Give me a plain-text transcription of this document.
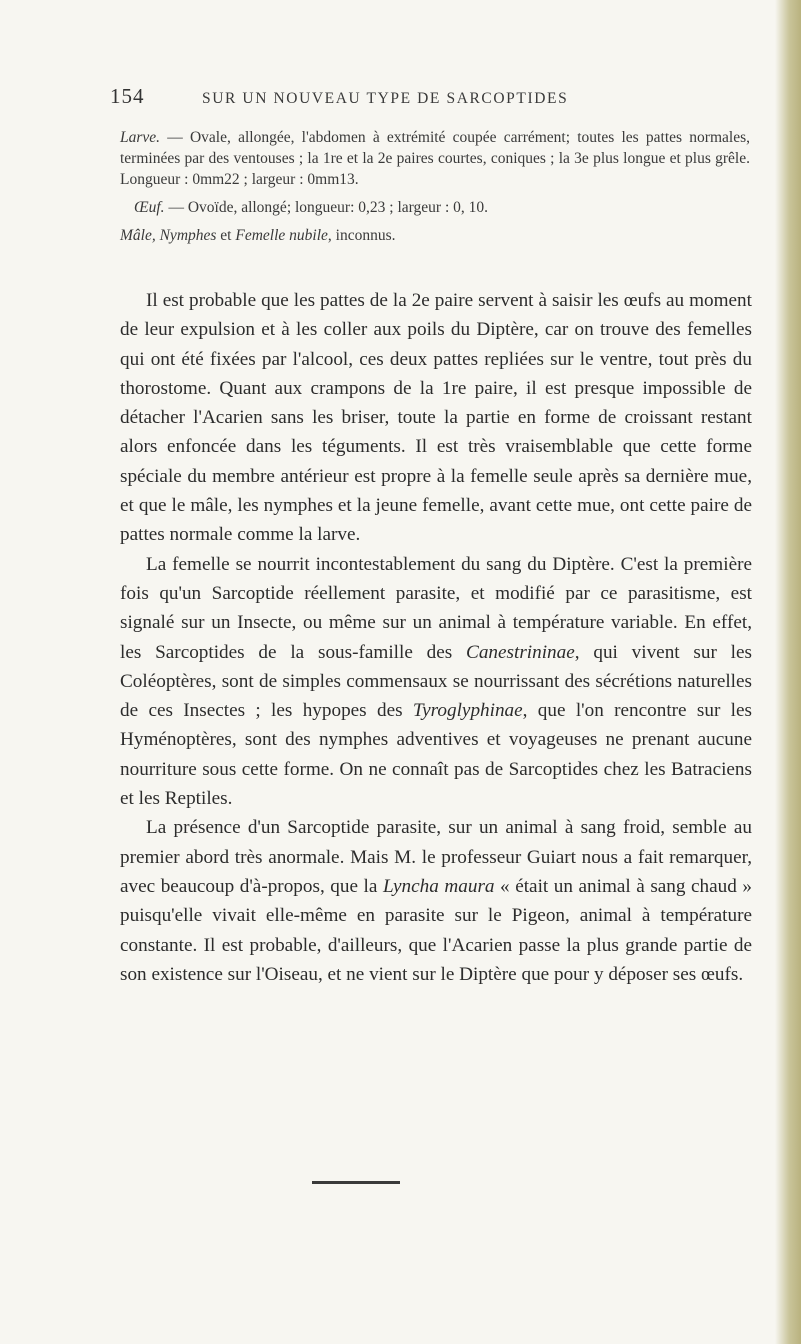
154	SUR UN NOUVEAU TYPE DE SARCOPTIDES

Larve. — Ovale, allongée, l'abdomen à extrémité coupée carrément; toutes les pattes normales, terminées par des ventouses ; la 1re et la 2e paires courtes, coniques ; la 3e plus longue et plus grêle. Longueur : 0mm22 ; largeur : 0mm13.

Œuf. — Ovoïde, allongé; longueur: 0,23 ; largeur : 0, 10.

Mâle, Nymphes et Femelle nubile, inconnus.

Il est probable que les pattes de la 2e paire servent à saisir les œufs au moment de leur expulsion et à les coller aux poils du Diptère, car on trouve des femelles qui ont été fixées par l'alcool, ces deux pattes repliées sur le ventre, tout près du thorostome. Quant aux crampons de la 1re paire, il est presque impossible de détacher l'Acarien sans les briser, toute la partie en forme de croissant restant alors enfoncée dans les téguments. Il est très vraisemblable que cette forme spéciale du membre antérieur est propre à la femelle seule après sa dernière mue, et que le mâle, les nymphes et la jeune femelle, avant cette mue, ont cette paire de pattes normale comme la larve.

La femelle se nourrit incontestablement du sang du Diptère. C'est la première fois qu'un Sarcoptide réellement parasite, et modifié par ce parasitisme, est signalé sur un Insecte, ou même sur un animal à température variable. En effet, les Sarcoptides de la sous-famille des Canestrininae, qui vivent sur les Coléoptères, sont de simples commensaux se nourrissant des sécrétions naturelles de ces Insectes ; les hypopes des Tyroglyphinae, que l'on rencontre sur les Hyménoptères, sont des nymphes adventives et voyageuses ne prenant aucune nourriture sous cette forme. On ne connaît pas de Sarcoptides chez les Batraciens et les Reptiles.

La présence d'un Sarcoptide parasite, sur un animal à sang froid, semble au premier abord très anormale. Mais M. le professeur Guiart nous a fait remarquer, avec beaucoup d'à-propos, que la Lyncha maura « était un animal à sang chaud » puisqu'elle vivait elle-même en parasite sur le Pigeon, animal à température constante. Il est probable, d'ailleurs, que l'Acarien passe la plus grande partie de son existence sur l'Oiseau, et ne vient sur le Diptère que pour y déposer ses œufs.
